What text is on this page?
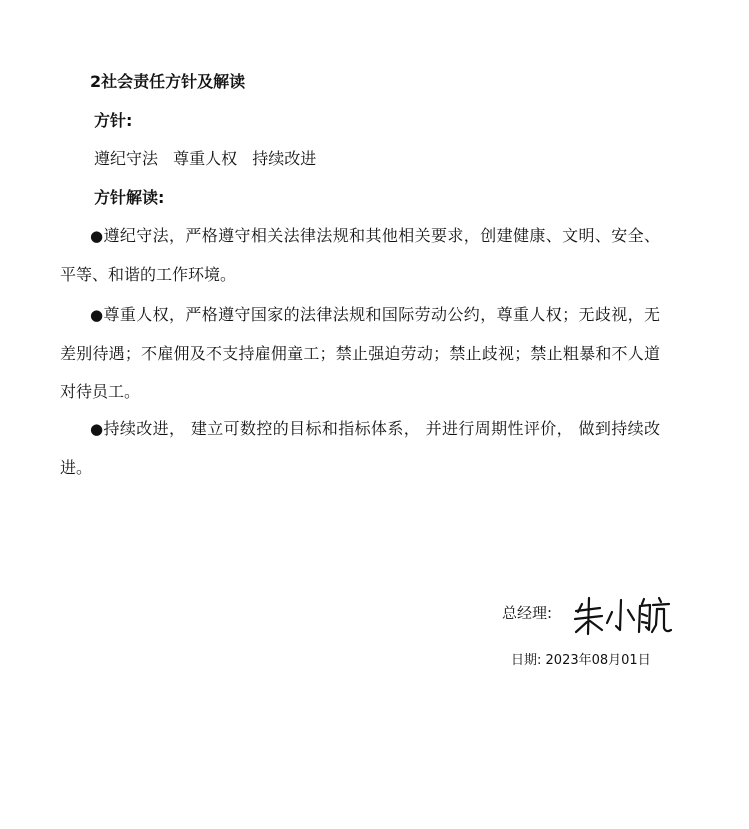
2社会责任方针及解读
方针:
遵纪守法 尊重人权 持续改进
方针解读:
●遵纪守法，严格遵守相关法律法规和其他相关要求，创建健康、文明、安全、平等、和谐的工作环境。
●尊重人权，严格遵守国家的法律法规和国际劳动公约，尊重人权；无歧视，无差别待遇；不雇佣及不支持雇佣童工；禁止强迫劳动；禁止歧视；禁止粗暴和不人道对待员工。
●持续改进， 建立可数控的目标和指标体系， 并进行周期性评价， 做到持续改进。
总经理:
日期: 2023年08月01日
